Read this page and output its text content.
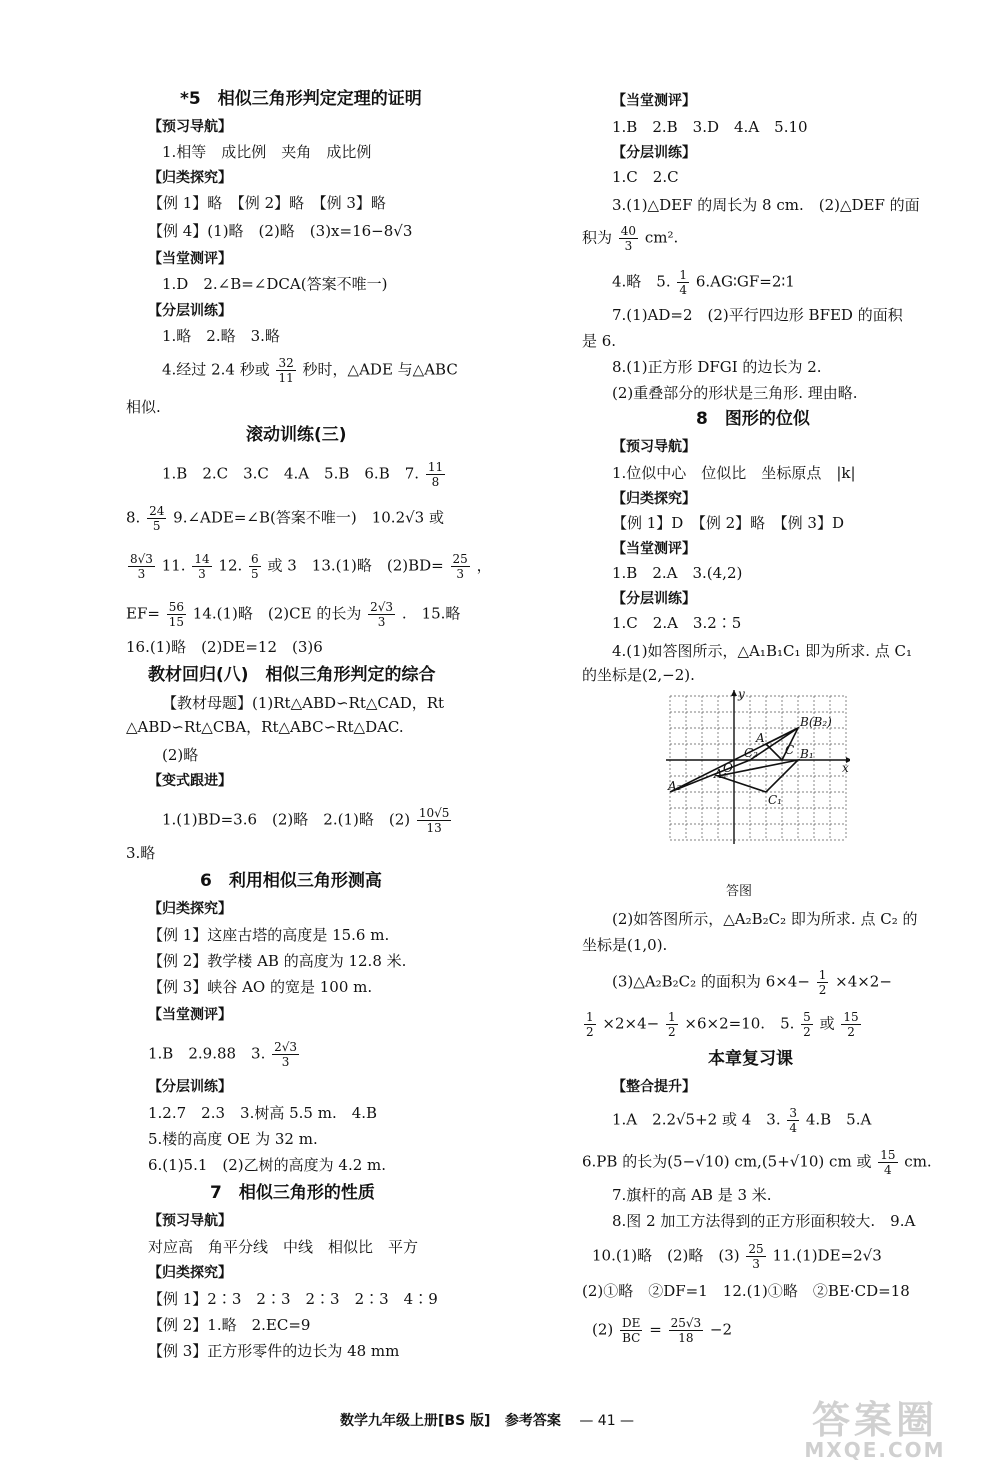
*5　相似三角形判定定理的证明
【预习导航】
1.相等　成比例　夹角　成比例
【归类探究】
【例 1】略　【例 2】略　【例 3】略
【例 4】(1)略　(2)略　(3)x=16−8√3
【当堂测评】
1.D　2.∠B=∠DCA(答案不唯一)
【分层训练】
1.略　2.略　3.略
4.经过 2.4 秒或 $\frac{32}{11}$ 秒时，△ADE 与△ABC
相似.
滚动训练(三)
1.B　2.C　3.C　4.A　5.B　6.B　7. $\frac{11}{8}$
8. $\frac{24}{5}$ 9.∠ADE=∠B(答案不唯一)　10.2√3 或
$\frac{8√3}{3} 11$. $\frac{14}{3} 12$. $\frac{6}{5}$ 或 3　13.(1)略　$(2)BD= \frac{25}{3}$ ，
$EF= \frac{56}{15} 14.(1)$略　(2)CE 的长为 $\frac{2√3}{3}$ .　15.略
16.(1)略　(2)DE=12　(3)6
教材回归(八)　相似三角形判定的综合
【教材母题】(1)Rt△ABD∽Rt△CAD，Rt
△ABD∽Rt△CBA，Rt△ABC∽Rt△DAC.
(2)略
【变式跟进】
1.(1)BD=3.6　(2)略　2.(1)略　$(2) \frac{10√5}{13}$
3.略
6　利用相似三角形测高
【归类探究】
【例 1】这座古塔的高度是 15.6 m.
【例 2】教学楼 AB 的高度为 12.8 米.
【例 3】峡谷 AO 的宽是 100 m.
【当堂测评】
1.B　2.9.88　3. $\frac{2√3}{3}$
【分层训练】
1.2.7　2.3　3.树高 5.5 m.　4.B
5.楼的高度 OE 为 32 m.
6.(1)5.1　(2)乙树的高度为 4.2 m.
7　相似三角形的性质
【预习导航】
对应高　角平分线　中线　相似比　平方
【归类探究】
【例 1】2∶3　2∶3　2∶3　2∶3　4∶9
【例 2】1.略　2.EC=9
【例 3】正方形零件的边长为 48 mm
【当堂测评】
1.B　2.B　3.D　4.A　5.10
【分层训练】
1.C　2.C
3.(1)△DEF 的周长为 8 cm.　(2)△DEF 的面
积为 $\frac{40}{3} cm^2$.
4.略　5. $\frac{1}{4}$ 6.AG∶GF=2∶1
7.(1)AD=2　(2)平行四边形 BFED 的面积
是 6.
8.(1)正方形 DFGI 的边长为 2.
(2)重叠部分的形状是三角形. 理由略.
8　图形的位似
【预习导航】
1.位似中心　位似比　坐标原点　|k|
【归类探究】
【例 1】D　【例 2】略　【例 3】D
【当堂测评】
1.B　2.A　3.(4,2)
【分层训练】
1.C　2.A　3.2∶5
4.(1)如答图所示，△A₁B₁C₁ 即为所求. 点 C₁
的坐标是(2,−2).
y
x
O
B(B₂)
A
A₂
C₂ C B₁
A₁
C₁
答图
(2)如答图所示，△A₂B₂C₂ 即为所求. 点 C₂ 的
坐标是(1,0).
(3)△A₂B₂C₂ 的面积为 $6\times 4- \frac{1}{2} \times 4\times 2-$
$\frac{1}{2} \times 2\times 4- \frac{1}{2} \times 6\times 2=10$.　5. $\frac{5}{2}$ 或 $\frac{15}{2}$
本章复习课
【整合提升】
1.A　2.2√5+2 或 4　3. $\frac{3}{4} 4.B$　5.A
6.PB 的长为(5−√10) cm,(5+√10) cm 或 $\frac{15}{4}$ cm.
7.旗杆的高 AB 是 3 米.
8.图 2 加工方法得到的正方形面积较大.　9.A
10.(1)略　(2)略　$(3) \frac{25}{3} 11.(1)DE=2√3$
(2)①略　②DF=1　12.(1)①略　②BE·CD=18
$(2) \frac{DE}{BC} = \frac{25√3}{18} -2$
数学九年级上册[BS 版] 参考答案 — 41 —	答案圈
MXQE.COM
